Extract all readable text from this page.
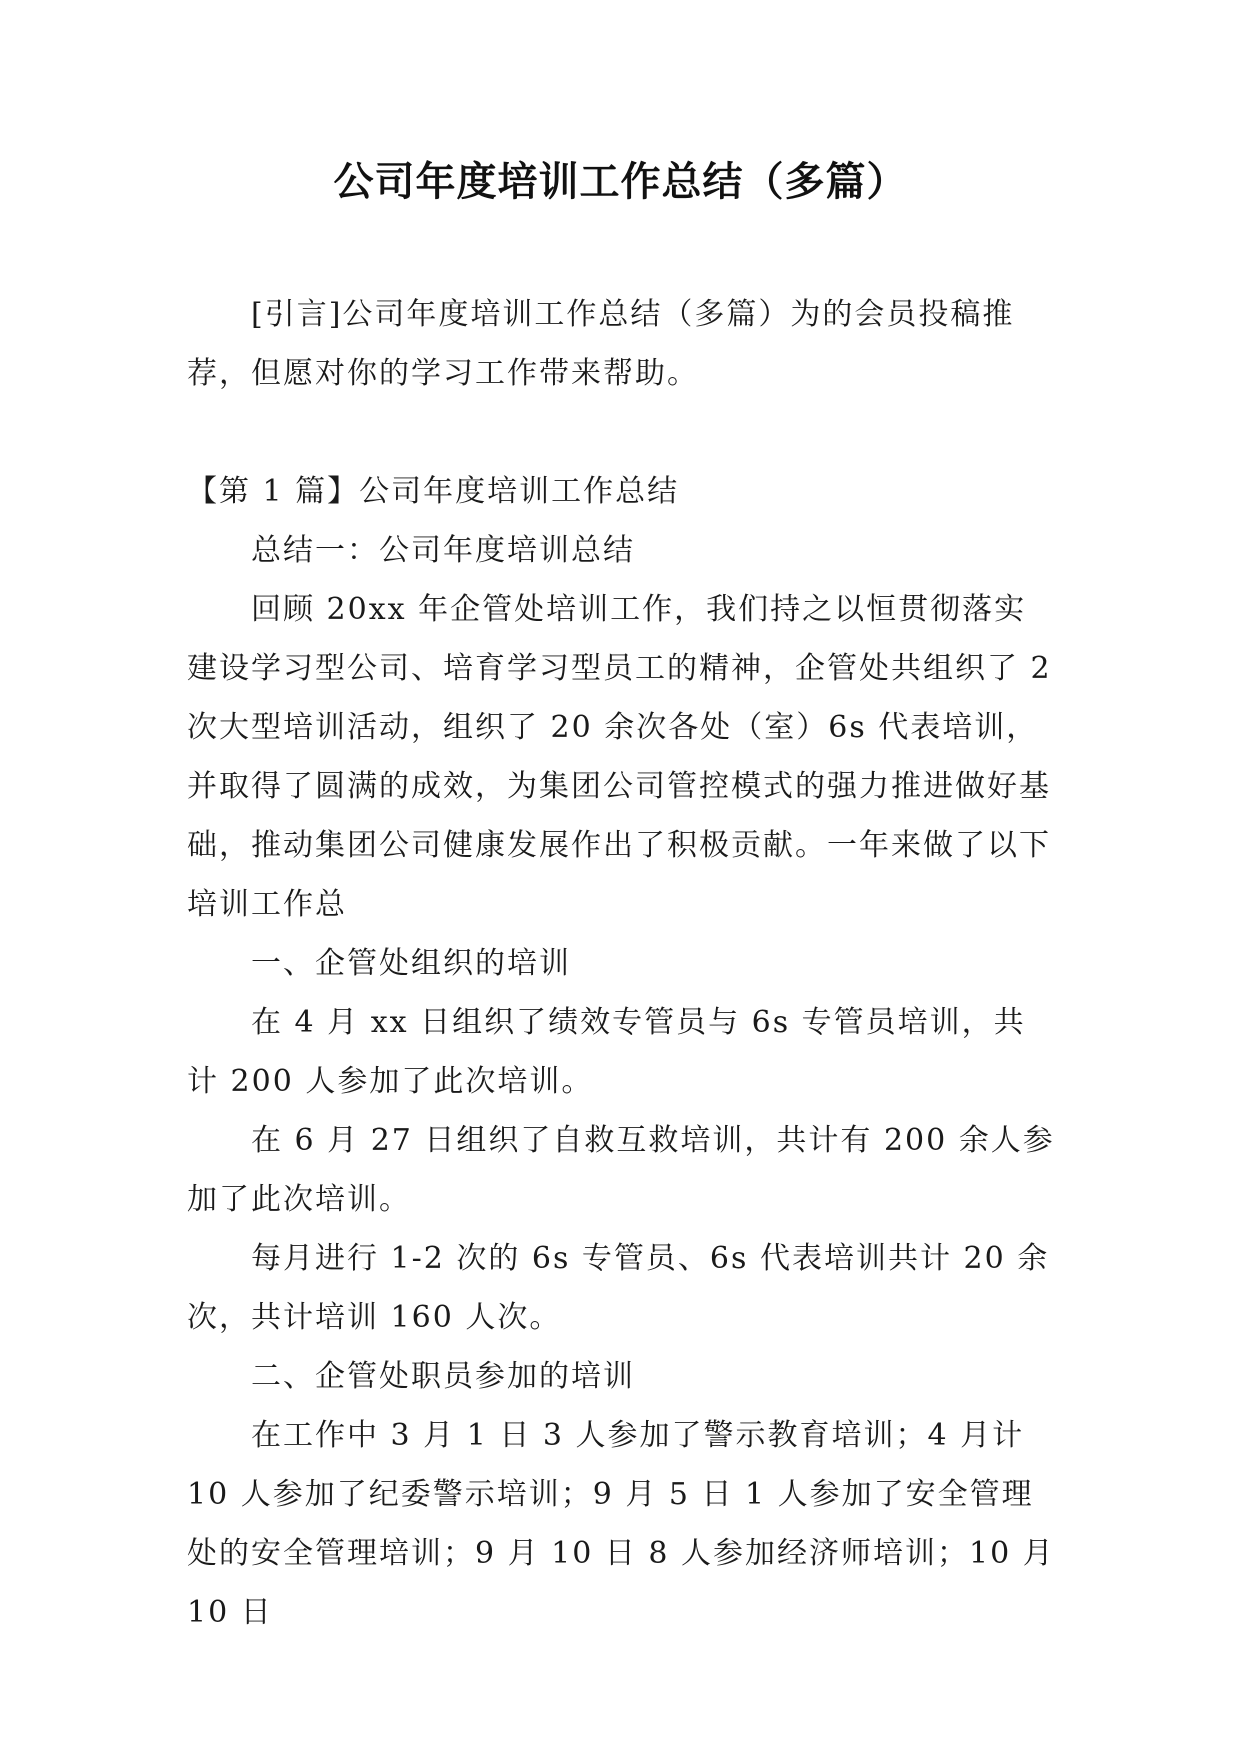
公司年度培训工作总结（多篇）

[引言]公司年度培训工作总结（多篇）为的会员投稿推荐，但愿对你的学习工作带来帮助。

【第 1 篇】公司年度培训工作总结

总结一：公司年度培训总结

回顾 20xx 年企管处培训工作，我们持之以恒贯彻落实建设学习型公司、培育学习型员工的精神，企管处共组织了 2 次大型培训活动，组织了 20 余次各处（室）6s 代表培训，并取得了圆满的成效，为集团公司管控模式的强力推进做好基础，推动集团公司健康发展作出了积极贡献。一年来做了以下培训工作总

一、企管处组织的培训

在 4 月 xx 日组织了绩效专管员与 6s 专管员培训，共计 200 人参加了此次培训。

在 6 月 27 日组织了自救互救培训，共计有 200 余人参加了此次培训。

每月进行 1-2 次的 6s 专管员、6s 代表培训共计 20 余次，共计培训 160 人次。

二、企管处职员参加的培训

在工作中 3 月 1 日 3 人参加了警示教育培训；4 月计 10 人参加了纪委警示培训；9 月 5 日 1 人参加了安全管理处的安全管理培训；9 月 10 日 8 人参加经济师培训；10 月 10 日
